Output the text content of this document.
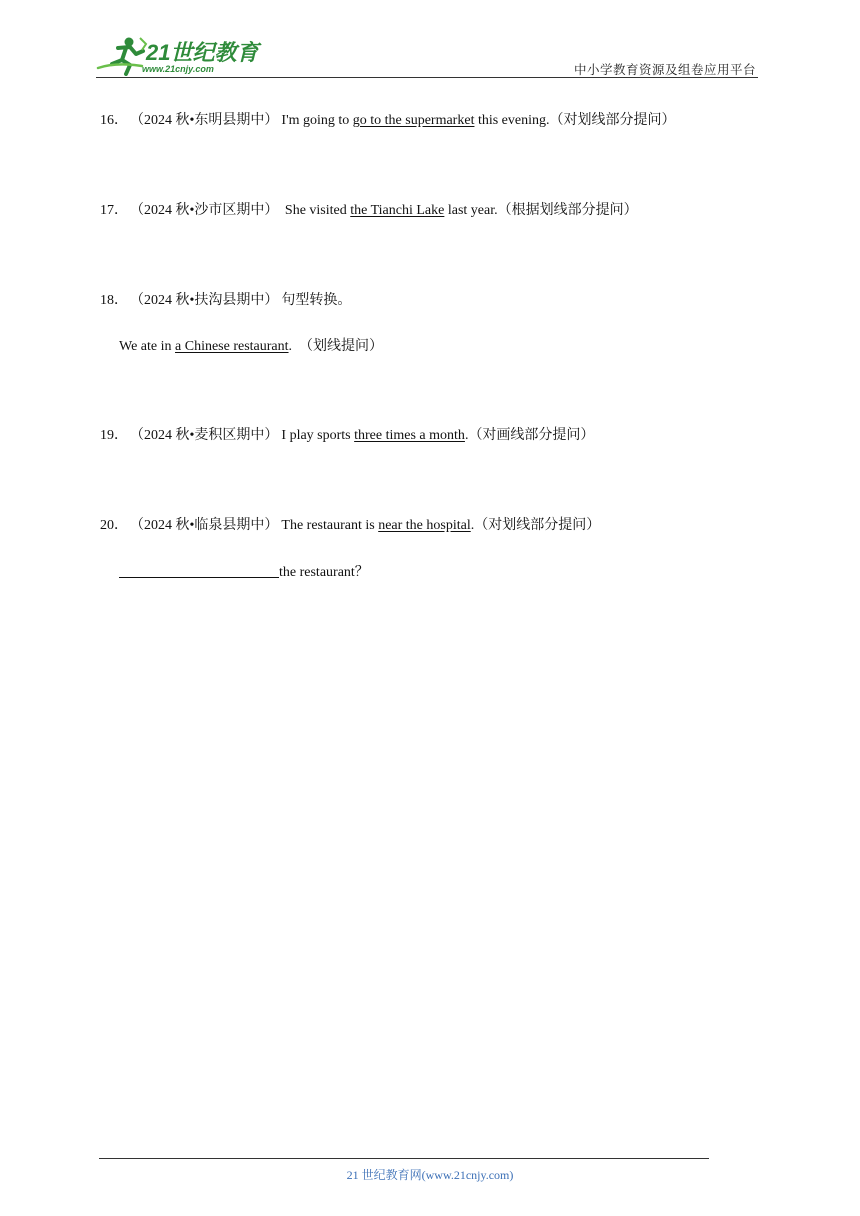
21世纪教育
www.21cnjy.com	中小学教育资源及组卷应用平台
16． （2024 秋•东明县期中） I'm going to go to the supermarket this evening.（对划线部分提问）
17． （2024 秋•沙市区期中） She visited the Tianchi Lake last year.（根据划线部分提问）
18． （2024 秋•扶沟县期中） 句型转换。
We ate in a Chinese restaurant.　（划线提问）
19． （2024 秋•麦积区期中） I play sports three times a month.（对画线部分提问）
20． （2024 秋•临泉县期中） The restaurant is near the hospital.（对划线部分提问）
the restaurant？
21 世纪教育网(www.21cnjy.com)
